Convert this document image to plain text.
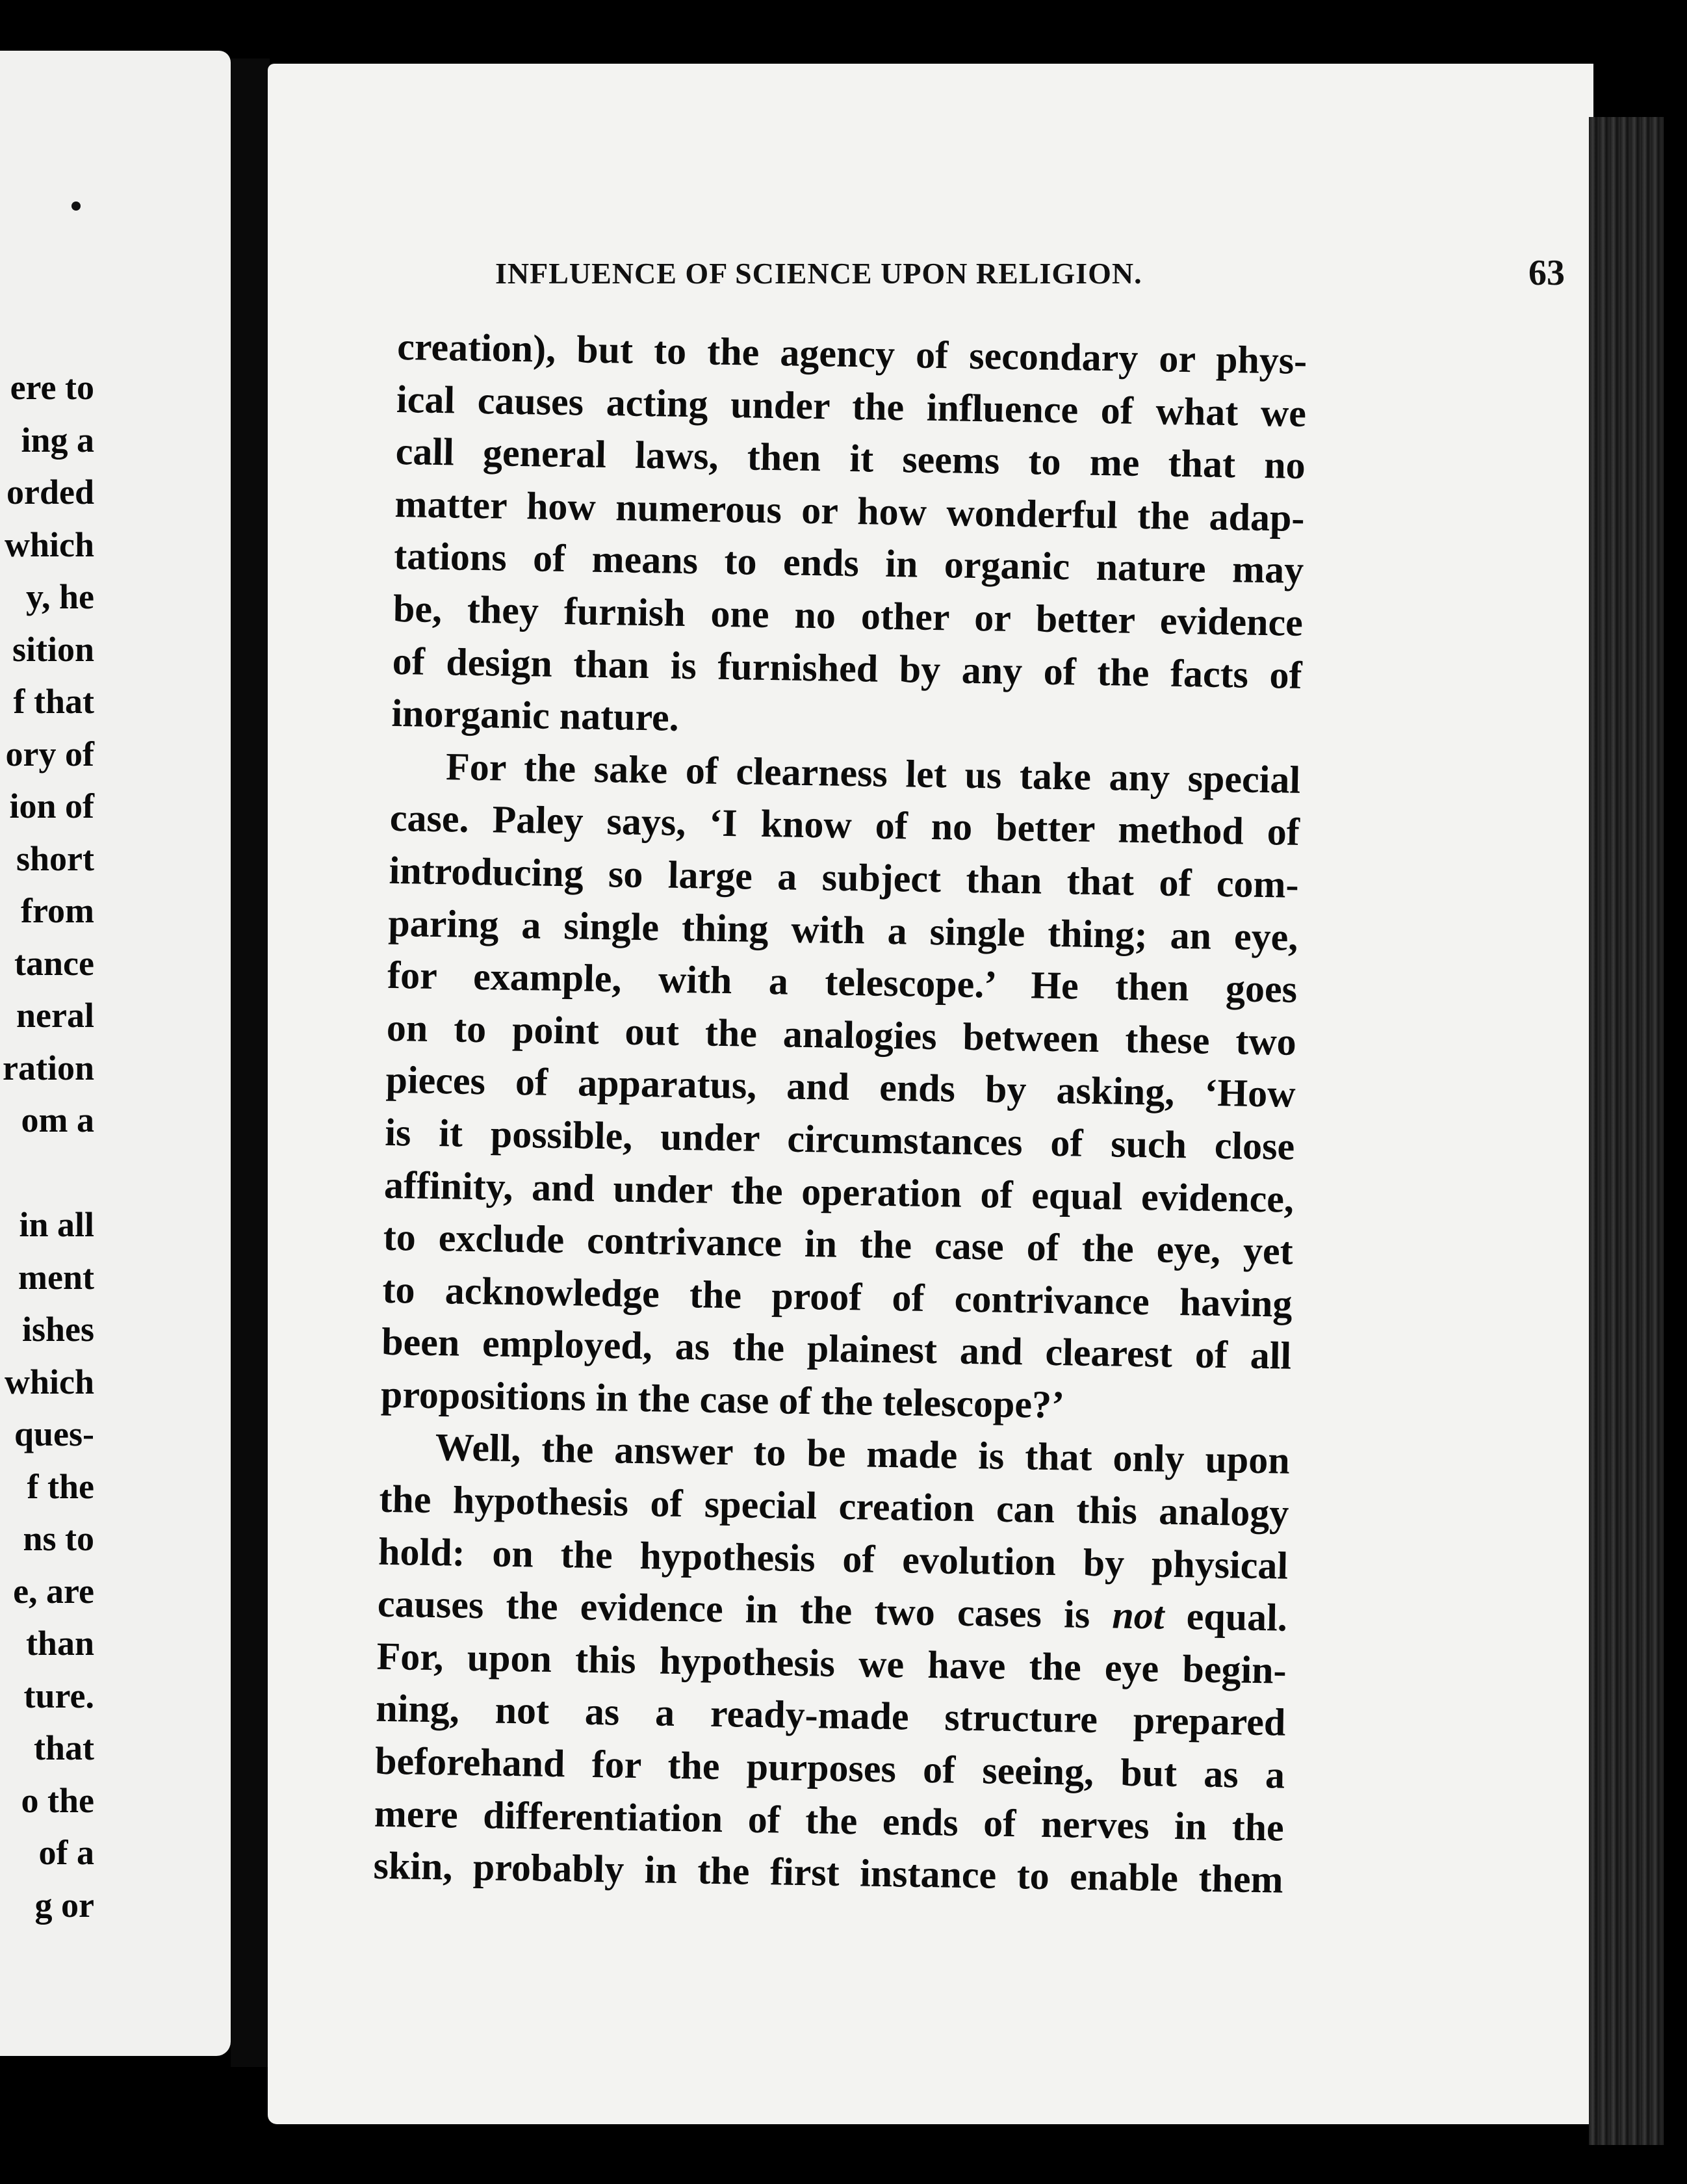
ere to
ing a
orded
which
y, he
sition
f that
ory of
ion of
short
from
tance
neral
ration
om a
in all
ment
ishes
which
ques-
f the
ns to
e, are
than
ture.
that
o the
of a
g or
INFLUENCE OF SCIENCE UPON RELIGION.	63
creation), but to the agency of secondary or phys-
ical causes acting under the influence of what we
call general laws, then it seems to me that no
matter how numerous or how wonderful the adap-
tations of means to ends in organic nature may
be, they furnish one no other or better evidence
of design than is furnished by any of the facts of
inorganic nature.
For the sake of clearness let us take any special
case. Paley says, ‘I know of no better method of
introducing so large a subject than that of com-
paring a single thing with a single thing; an eye,
for example, with a telescope.’ He then goes
on to point out the analogies between these two
pieces of apparatus, and ends by asking, ‘How
is it possible, under circumstances of such close
affinity, and under the operation of equal evidence,
to exclude contrivance in the case of the eye, yet
to acknowledge the proof of contrivance having
been employed, as the plainest and clearest of all
propositions in the case of the telescope?’
Well, the answer to be made is that only upon
the hypothesis of special creation can this analogy
hold: on the hypothesis of evolution by physical
causes the evidence in the two cases is not equal.
For, upon this hypothesis we have the eye begin-
ning, not as a ready-made structure prepared
beforehand for the purposes of seeing, but as a
mere differentiation of the ends of nerves in the
skin, probably in the first instance to enable them
